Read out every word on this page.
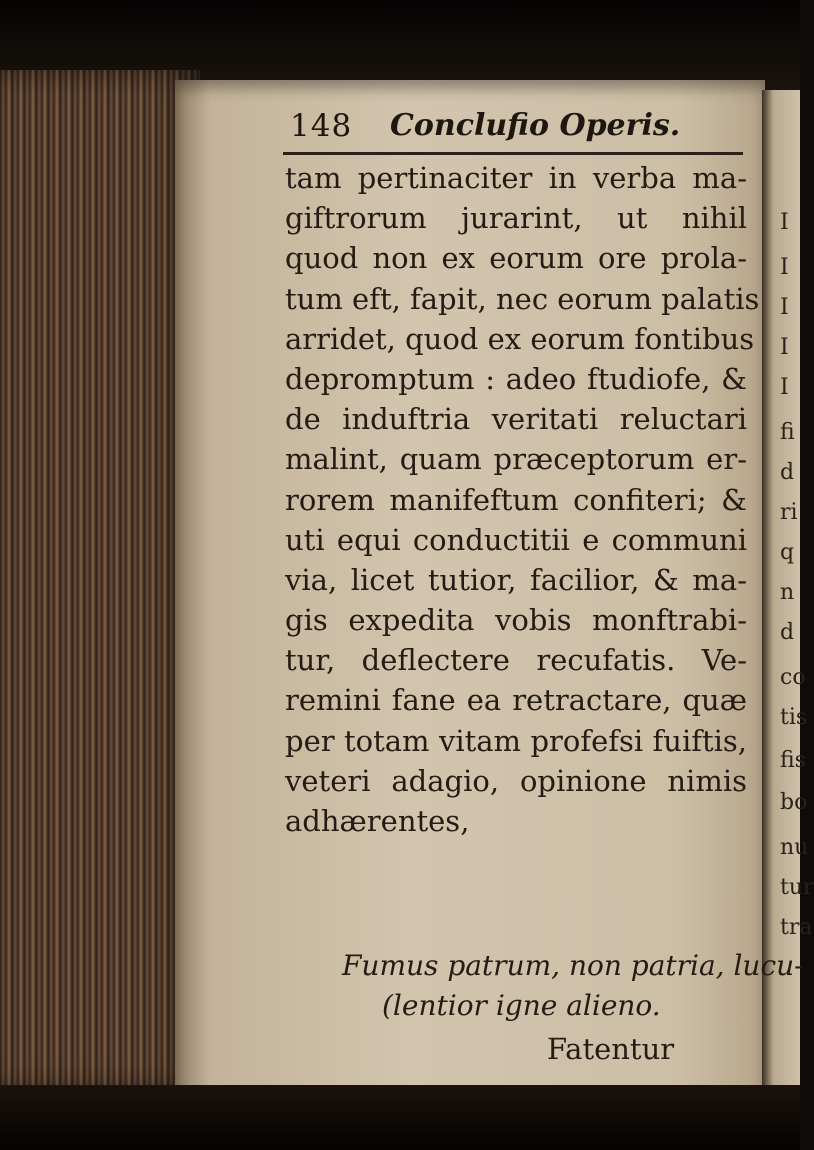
148 Conclufio Operis.
tam pertinaciter in verba ma-
giftrorum jurarint, ut nihil
quod non ex eorum ore prola-
tum eft, fapit, nec eorum palatis
arridet, quod ex eorum fontibus
depromptum : adeo ftudiofe, &
de induftria veritati reluctari
malint, quam præceptorum er-
rorem manifeftum confiteri; &
uti equi conductitii e communi
via, licet tutior, facilior, & ma-
gis expedita vobis monftrabi-
tur, deflectere recufatis. Ve-
remini fane ea retractare, quæ
per totam vitam profefsi fuiftis,
veteri adagio, opinione nimis
adhærentes,
Fumus patrum, non patria, lucu-
(lentior igne alieno.
Fatentur
I
I
I
I
I
fi
d
ri
q
n
d
co
tis
fis
bo
nu
tur
tra
